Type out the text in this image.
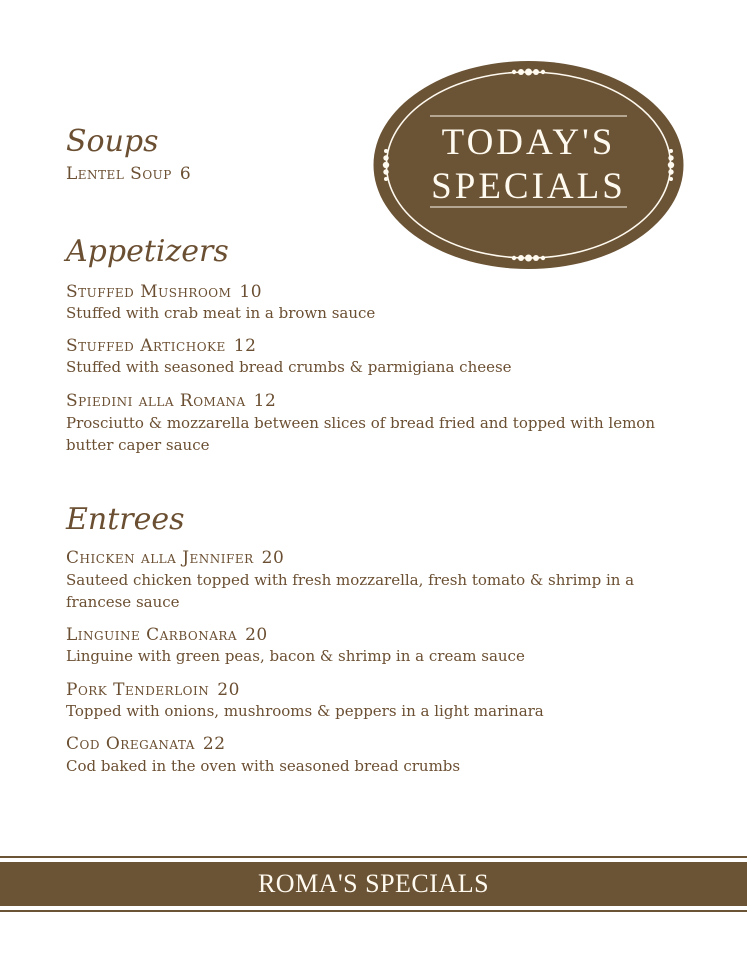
TODAY'S
SPECIALS
Soups
Lentel Soup 6
Appetizers
Stuffed Mushroom 10
Stuffed with crab meat in a brown sauce
Stuffed Artichoke 12
Stuffed with seasoned bread crumbs & parmigiana cheese
Spiedini alla Romana 12
Prosciutto & mozzarella between slices of bread fried and topped with lemon butter caper sauce
Entrees
Chicken alla Jennifer 20
Sauteed chicken topped with fresh mozzarella, fresh tomato & shrimp in a francese sauce
Linguine Carbonara 20
Linguine with green peas, bacon & shrimp in a cream sauce
Pork Tenderloin 20
Topped with onions, mushrooms & peppers in a light marinara
Cod Oreganata 22
Cod baked in the oven with seasoned bread crumbs
ROMA'S SPECIALS
